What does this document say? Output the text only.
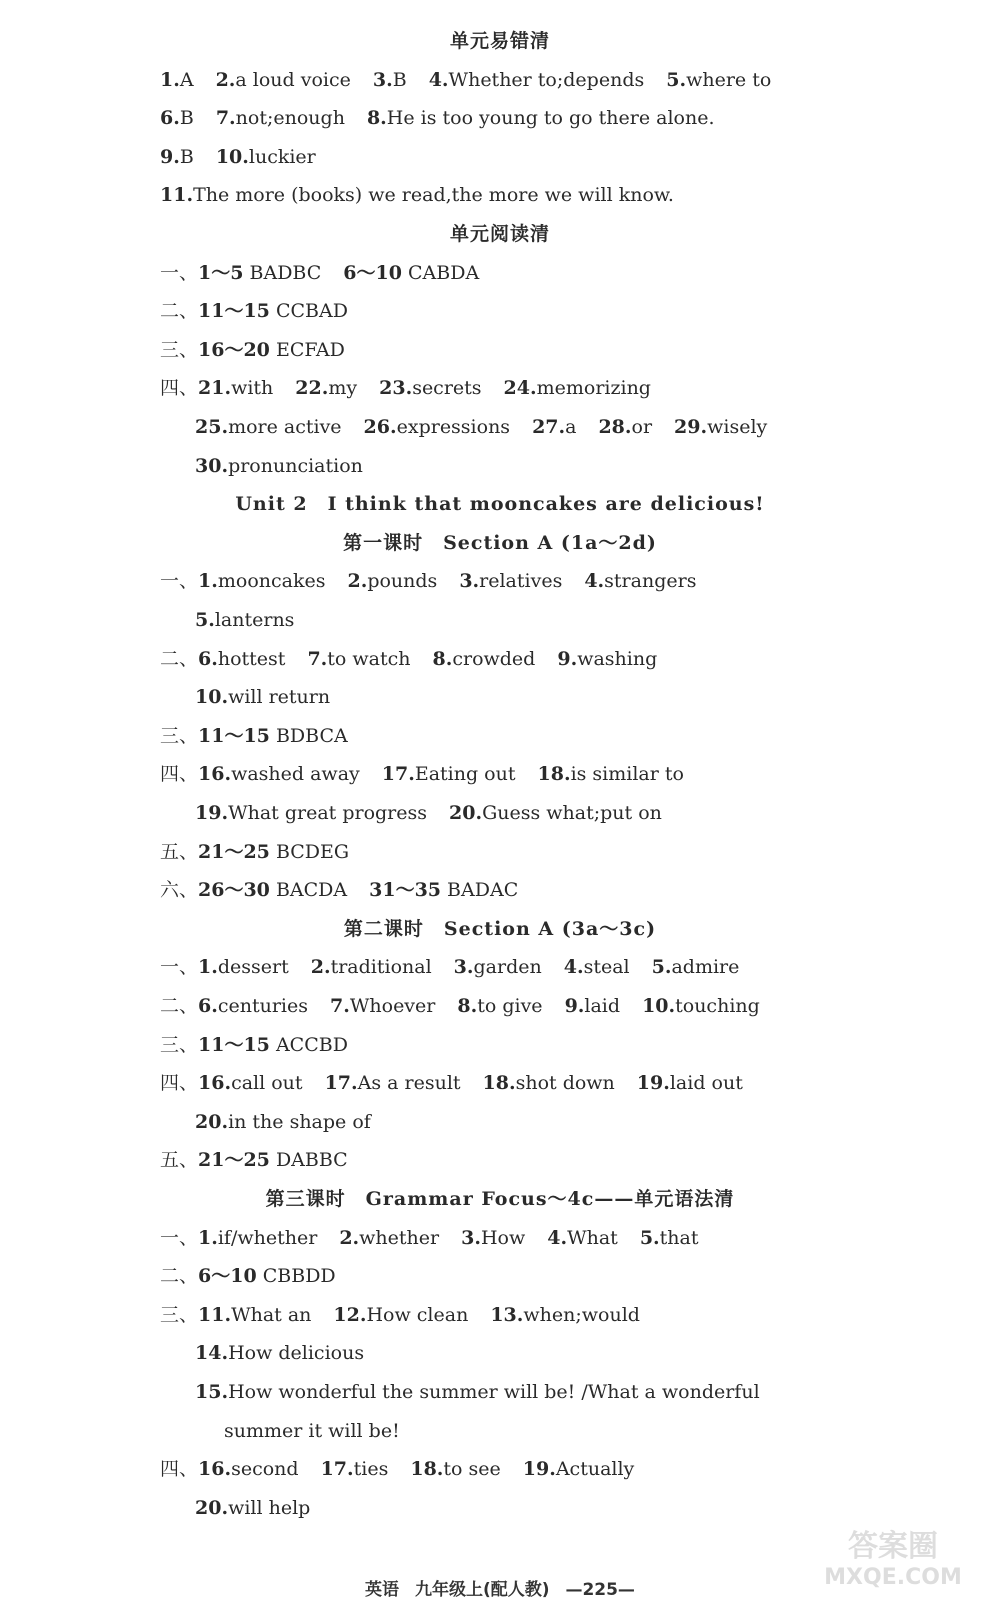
单元易错清
1.A 2.a loud voice 3.B 4.Whether to;depends 5.where to
6.B 7.not;enough 8.He is too young to go there alone.
9.B 10.luckier
11.The more (books) we read,the more we will know.
单元阅读清
一、1～5 BADBC 6～10 CABDA
二、11～15 CCBAD
三、16～20 ECFAD
四、21.with 22.my 23.secrets 24.memorizing
25.more active 26.expressions 27.a 28.or 29.wisely
30.pronunciation
Unit 2　I think that mooncakes are delicious!
第一课时　Section A (1a～2d)
一、1.mooncakes 2.pounds 3.relatives 4.strangers
5.lanterns
二、6.hottest 7.to watch 8.crowded 9.washing
10.will return
三、11～15 BDBCA
四、16.washed away 17.Eating out 18.is similar to
19.What great progress 20.Guess what;put on
五、21～25 BCDEG
六、26～30 BACDA 31～35 BADAC
第二课时　Section A (3a～3c)
一、1.dessert 2.traditional 3.garden 4.steal 5.admire
二、6.centuries 7.Whoever 8.to give 9.laid 10.touching
三、11～15 ACCBD
四、16.call out 17.As a result 18.shot down 19.laid out
20.in the shape of
五、21～25 DABBC
第三课时　Grammar Focus～4c——单元语法清
一、1.if/whether 2.whether 3.How 4.What 5.that
二、6～10 CBBDD
三、11.What an 12.How clean 13.when;would
14.How delicious
15.How wonderful the summer will be! /What a wonderful
summer it will be!
四、16.second 17.ties 18.to see 19.Actually
20.will help
英语 九年级上(配人教) —225—
答案圈
MXQE.COM
